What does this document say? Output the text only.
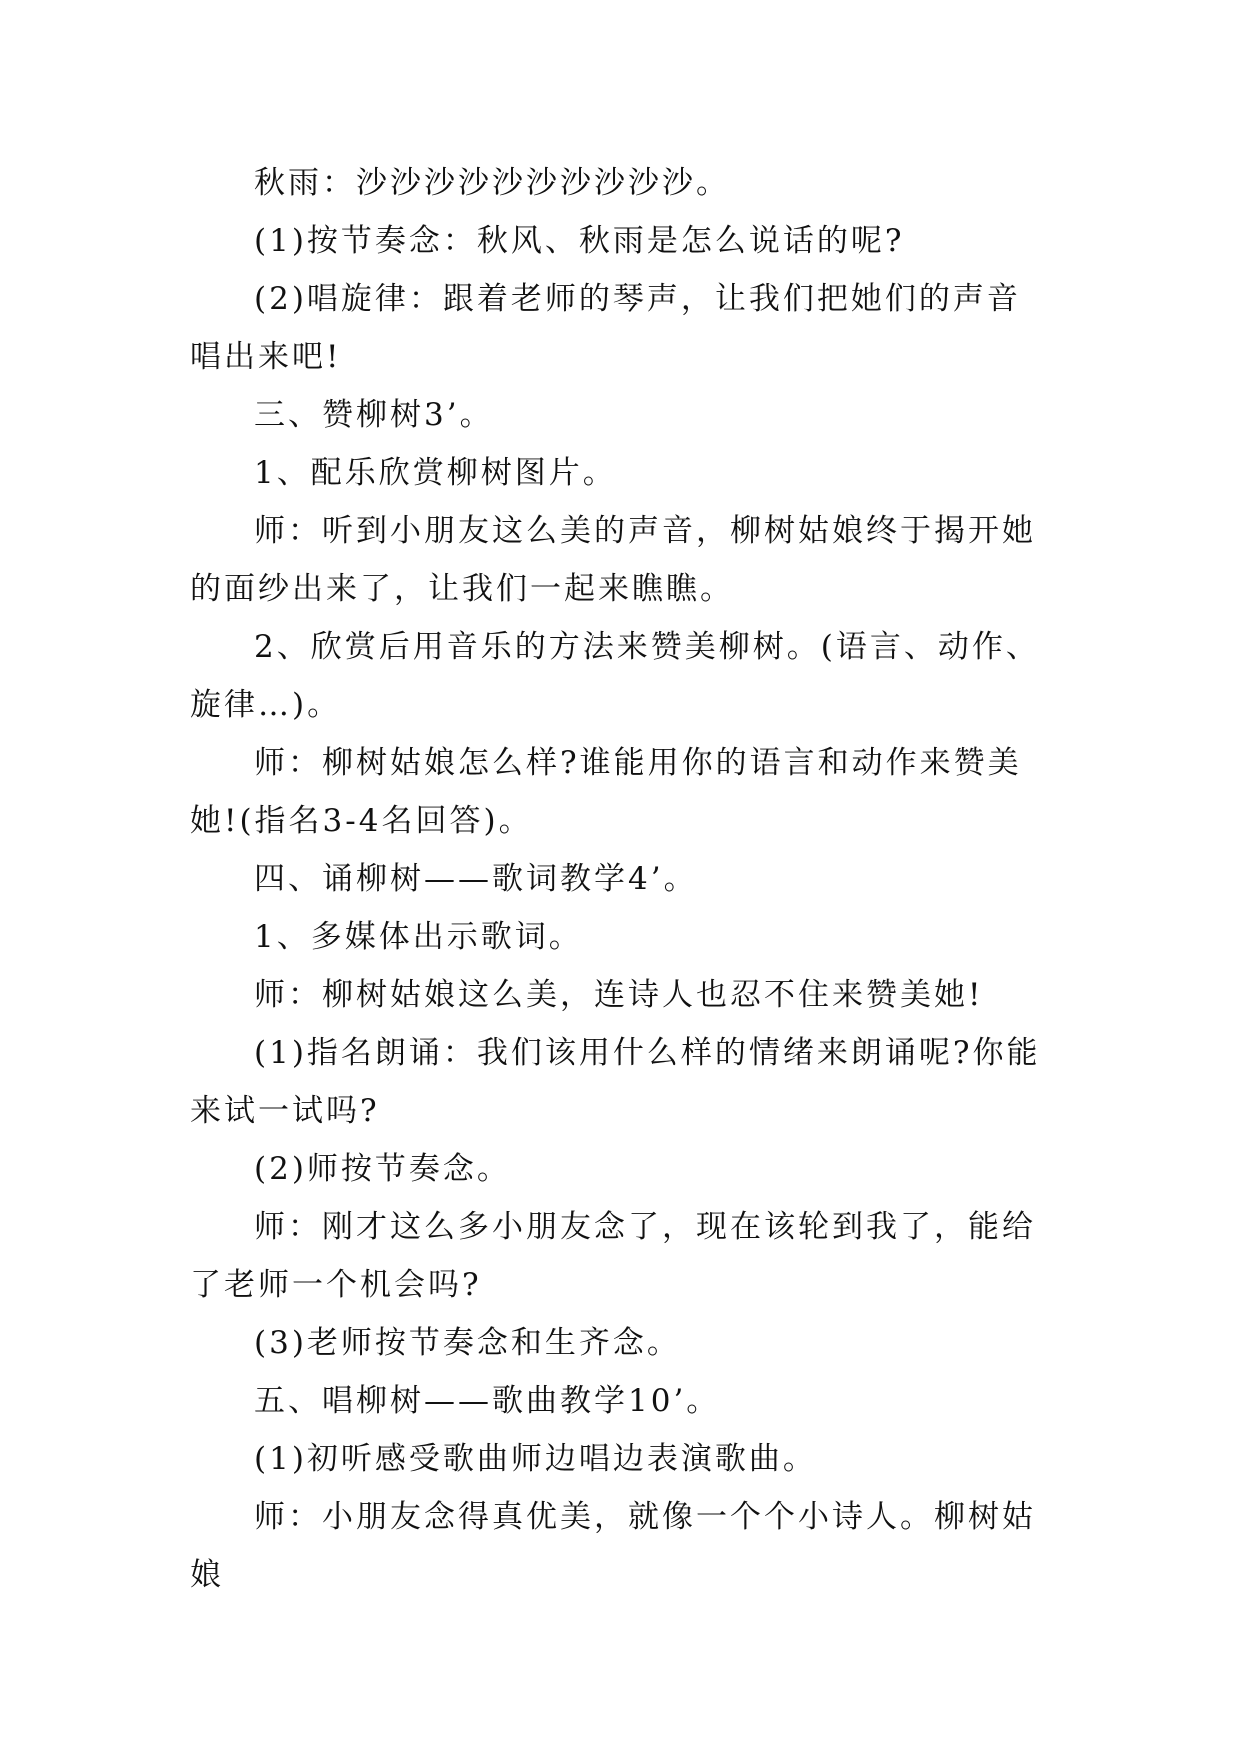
秋雨：沙沙沙沙沙沙沙沙沙沙。

(1)按节奏念：秋风、秋雨是怎么说话的呢?

(2)唱旋律：跟着老师的琴声，让我们把她们的声音唱出来吧!

三、赞柳树3’。

1、配乐欣赏柳树图片。

师：听到小朋友这么美的声音，柳树姑娘终于揭开她的面纱出来了，让我们一起来瞧瞧。

2、欣赏后用音乐的方法来赞美柳树。(语言、动作、旋律…)。

师：柳树姑娘怎么样?谁能用你的语言和动作来赞美她!(指名3-4名回答)。

四、诵柳树——歌词教学4’。

1、多媒体出示歌词。

师：柳树姑娘这么美，连诗人也忍不住来赞美她!

(1)指名朗诵：我们该用什么样的情绪来朗诵呢?你能来试一试吗?

(2)师按节奏念。

师：刚才这么多小朋友念了，现在该轮到我了，能给了老师一个机会吗?

(3)老师按节奏念和生齐念。

五、唱柳树——歌曲教学10’。

(1)初听感受歌曲师边唱边表演歌曲。

师：小朋友念得真优美，就像一个个小诗人。柳树姑娘
